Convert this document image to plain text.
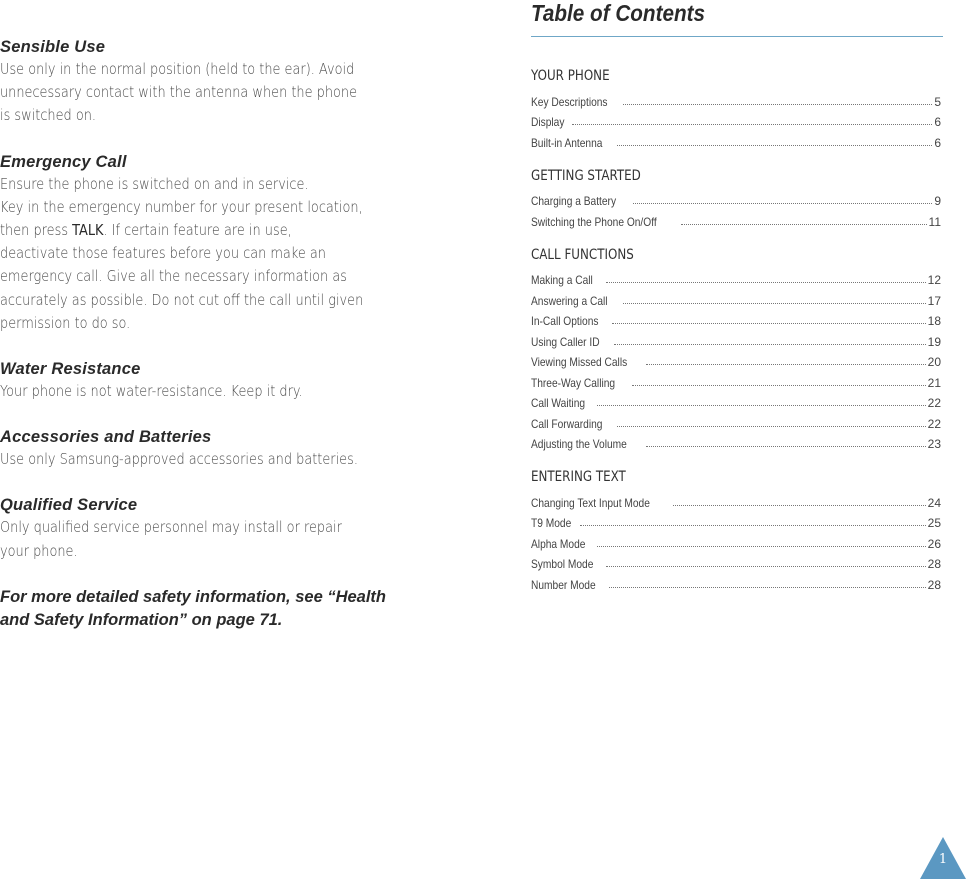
Sensible Use
Use only in the normal position (held to the ear). Avoid
unnecessary contact with the antenna when the phone
is switched on.
Emergency Call
Ensure the phone is switched on and in service.
Key in the emergency number for your present location,
then press TALK. If certain feature are in use,
deactivate those features before you can make an
emergency call. Give all the necessary information as
accurately as possible. Do not cut off the call until given
permission to do so.
Water Resistance
Your phone is not water-resistance. Keep it dry.
Accessories and Batteries
Use only Samsung-approved accessories and batteries.
Qualified Service
Only qualified service personnel may install or repair
your phone.
For more detailed safety information, see “Health
and Safety Information” on page 71.
Table of Contents
YOUR PHONE
Key Descriptions	5
Display	6
Built-in Antenna	6
GETTING STARTED
Charging a Battery	9
Switching the Phone On/Off	11
CALL FUNCTIONS
Making a Call	12
Answering a Call	17
In-Call Options	18
Using Caller ID	19
Viewing Missed Calls	20
Three-Way Calling	21
Call Waiting	22
Call Forwarding	22
Adjusting the Volume	23
ENTERING TEXT
Changing Text Input Mode	24
T9 Mode	25
Alpha Mode	26
Symbol Mode	28
Number Mode	28
1
